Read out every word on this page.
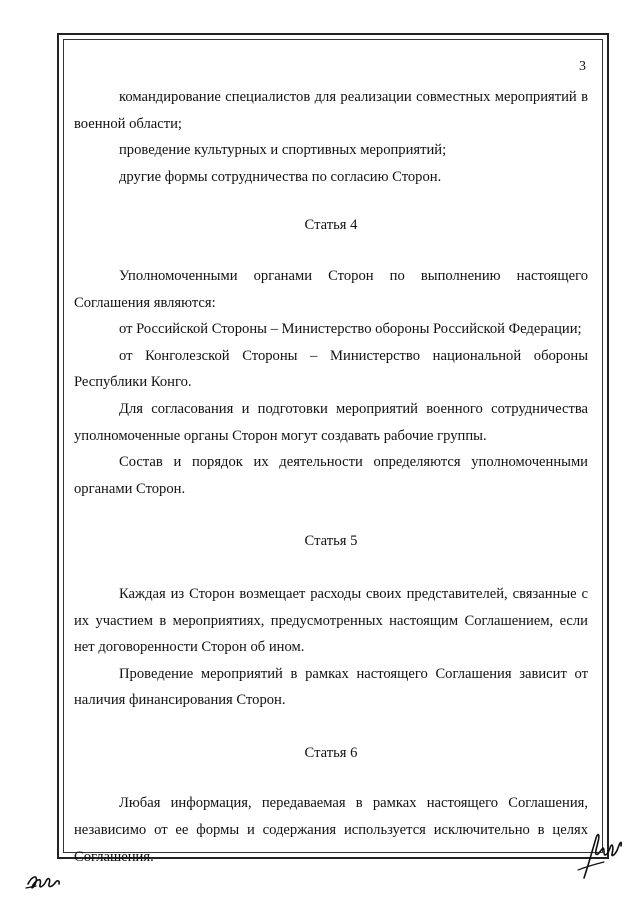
3

командирование специалистов для реализации совместных мероприятий в военной области;

проведение культурных и спортивных мероприятий;

другие формы сотрудничества по согласию Сторон.

Статья 4

Уполномоченными органами Сторон по выполнению настоящего Соглашения являются:

от Российской Стороны – Министерство обороны Российской Федерации;

от Конголезской Стороны – Министерство национальной обороны Республики Конго.

Для согласования и подготовки мероприятий военного сотрудничества уполномоченные органы Сторон могут создавать рабочие группы.

Состав и порядок их деятельности определяются уполномоченными органами Сторон.

Статья 5

Каждая из Сторон возмещает расходы своих представителей, связанные с их участием в мероприятиях, предусмотренных настоящим Соглашением, если нет договоренности Сторон об ином.

Проведение мероприятий в рамках настоящего Соглашения зависит от наличия финансирования Сторон.

Статья 6

Любая информация, передаваемая в рамках настоящего Соглашения, независимо от ее формы и содержания используется исключительно в целях Соглашения.
